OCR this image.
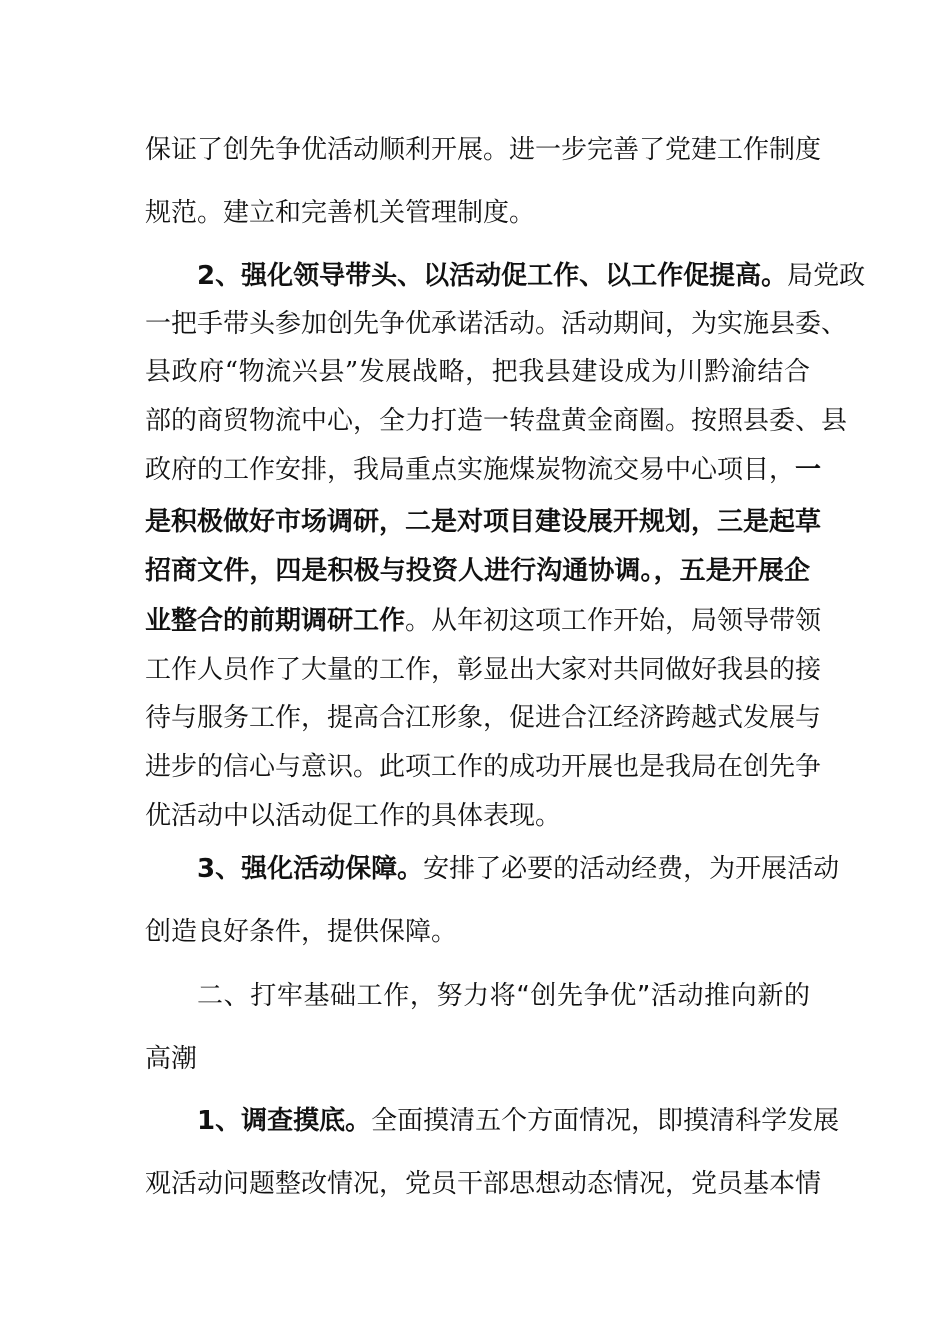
保证了创先争优活动顺利开展。进一步完善了党建工作制度
规范。建立和完善机关管理制度。
2、强化领导带头、以活动促工作、以工作促提高。局党政
一把手带头参加创先争优承诺活动。活动期间，为实施县委、
县政府“物流兴县”发展战略，把我县建设成为川黔渝结合
部的商贸物流中心，全力打造一转盘黄金商圈。按照县委、县
政府的工作安排，我局重点实施煤炭物流交易中心项目，一
是积极做好市场调研，二是对项目建设展开规划，三是起草
招商文件，四是积极与投资人进行沟通协调。，五是开展企
业整合的前期调研工作。从年初这项工作开始，局领导带领
工作人员作了大量的工作，彰显出大家对共同做好我县的接
待与服务工作，提高合江形象，促进合江经济跨越式发展与
进步的信心与意识。此项工作的成功开展也是我局在创先争
优活动中以活动促工作的具体表现。
3、强化活动保障。安排了必要的活动经费，为开展活动
创造良好条件，提供保障。
二、打牢基础工作，努力将“创先争优”活动推向新的
高潮
1、调查摸底。全面摸清五个方面情况，即摸清科学发展
观活动问题整改情况，党员干部思想动态情况，党员基本情
